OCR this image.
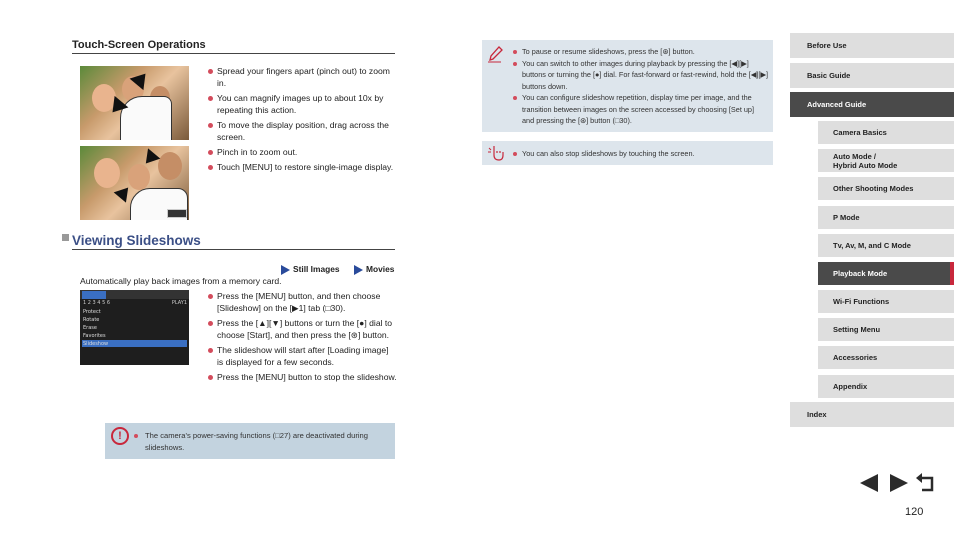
Touch-Screen Operations
Spread your fingers apart (pinch out) to zoom in.
You can magnify images up to about 10x by repeating this action.
To move the display position, drag across the screen.
Pinch in to zoom out.
Touch [MENU] to restore single-image display.
Viewing Slideshows
Still Images	Movies
Automatically play back images from a memory card.
1 2 3 4 5 6	PLAY1
Protect
Rotate
Erase
Favorites
Slideshow
Press the [MENU] button, and then choose [Slideshow] on the [▶1] tab (□30).
Press the [▲][▼] buttons or turn the [●] dial to choose [Start], and then press the [⊛] button.
The slideshow will start after [Loading image] is displayed for a few seconds.
Press the [MENU] button to stop the slideshow.
!	The camera's power-saving functions (□27) are deactivated during slideshows.
To pause or resume slideshows, press the [⊛] button.
You can switch to other images during playback by pressing the [◀][▶] buttons or turning the [●] dial. For fast-forward or fast-rewind, hold the [◀][▶] buttons down.
You can configure slideshow repetition, display time per image, and the transition between images on the screen accessed by choosing [Set up] and pressing the [⊛] button (□30).
You can also stop slideshows by touching the screen.
Before Use
Basic Guide
Advanced Guide
Camera Basics
Auto Mode /
Hybrid Auto Mode
Other Shooting Modes
P Mode
Tv, Av, M, and C Mode
Playback Mode
Wi-Fi Functions
Setting Menu
Accessories
Appendix
Index
120
